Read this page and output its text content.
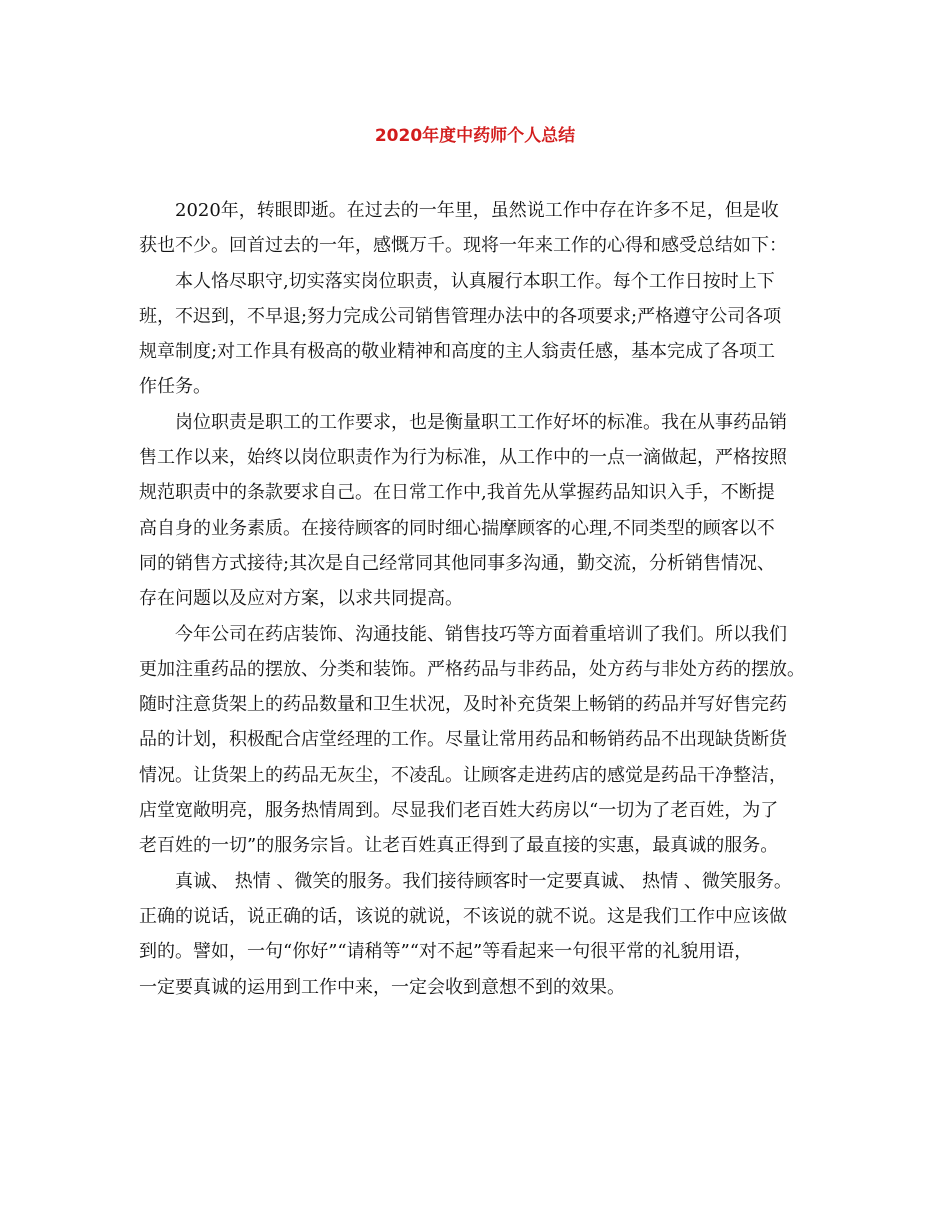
2020年度中药师个人总结
2020年，转眼即逝。在过去的一年里，虽然说工作中存在许多不足，但是收
获也不少。回首过去的一年，感慨万千。现将一年来工作的心得和感受总结如下：
本人恪尽职守,切实落实岗位职责，认真履行本职工作。每个工作日按时上下
班，不迟到，不早退;努力完成公司销售管理办法中的各项要求;严格遵守公司各项
规章制度;对工作具有极高的敬业精神和高度的主人翁责任感，基本完成了各项工
作任务。
岗位职责是职工的工作要求，也是衡量职工工作好坏的标准。我在从事药品销
售工作以来，始终以岗位职责作为行为标准，从工作中的一点一滴做起，严格按照
规范职责中的条款要求自己。在日常工作中,我首先从掌握药品知识入手，不断提
高自身的业务素质。在接待顾客的同时细心揣摩顾客的心理,不同类型的顾客以不
同的销售方式接待;其次是自己经常同其他同事多沟通，勤交流，分析销售情况、
存在问题以及应对方案，以求共同提高。
今年公司在药店装饰、沟通技能、销售技巧等方面着重培训了我们。所以我们
更加注重药品的摆放、分类和装饰。严格药品与非药品，处方药与非处方药的摆放。
随时注意货架上的药品数量和卫生状况，及时补充货架上畅销的药品并写好售完药
品的计划，积极配合店堂经理的工作。尽量让常用药品和畅销药品不出现缺货断货
情况。让货架上的药品无灰尘，不凌乱。让顾客走进药店的感觉是药品干净整洁，
店堂宽敞明亮，服务热情周到。尽显我们老百姓大药房以“一切为了老百姓，为了
老百姓的一切”的服务宗旨。让老百姓真正得到了最直接的实惠，最真诚的服务。
真诚、 热情 、微笑的服务。我们接待顾客时一定要真诚、 热情 、微笑服务。
正确的说话，说正确的话，该说的就说，不该说的就不说。这是我们工作中应该做
到的。譬如，一句“你好”“请稍等”“对不起”等看起来一句很平常的礼貌用语，
一定要真诚的运用到工作中来，一定会收到意想不到的效果。
